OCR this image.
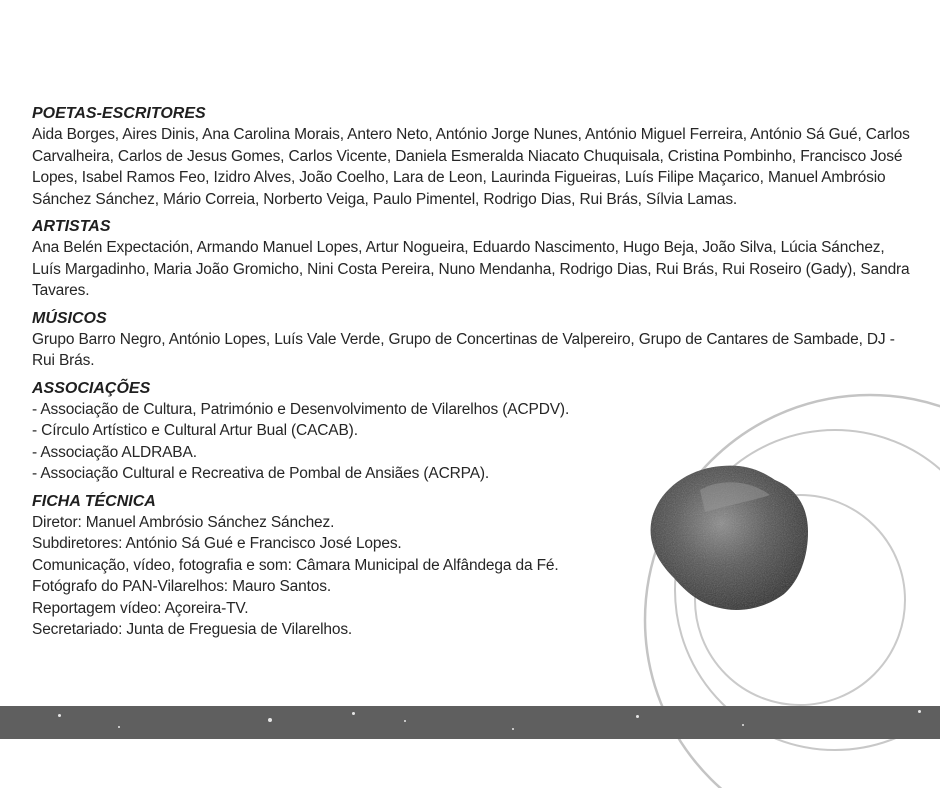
POETAS-ESCRITORES

Aida Borges, Aires Dinis, Ana Carolina Morais, Antero Neto, António Jorge Nunes, António Miguel Ferreira, António Sá Gué, Carlos Carvalheira, Carlos de Jesus Gomes, Carlos Vicente, Daniela Esmeralda Niacato Chuquisala, Cristina Pombinho, Francisco José Lopes, Isabel Ramos Feo, Izidro Alves, João Coelho, Lara de Leon, Laurinda Figueiras, Luís Filipe Maçarico, Manuel Ambrósio Sánchez Sánchez, Mário Correia, Norberto Veiga, Paulo Pimentel, Rodrigo Dias, Rui Brás, Sílvia Lamas.

ARTISTAS

Ana Belén Expectación, Armando Manuel Lopes, Artur Nogueira, Eduardo Nascimento, Hugo Beja, João Silva, Lúcia Sánchez, Luís Margadinho, Maria João Gromicho, Nini Costa Pereira, Nuno Mendanha, Rodrigo Dias, Rui Brás, Rui Roseiro (Gady), Sandra Tavares.

MÚSICOS

Grupo Barro Negro, António Lopes, Luís Vale Verde, Grupo de Concertinas de Valpereiro, Grupo de Cantares de Sambade, DJ - Rui Brás.

ASSOCIAÇÕES

- Associação de Cultura, Património e Desenvolvimento de Vilarelhos (ACPDV).
- Círculo Artístico e Cultural Artur Bual (CACAB).
- Associação ALDRABA.
- Associação Cultural e Recreativa de Pombal de Ansiães (ACRPA).

FICHA TÉCNICA

Diretor: Manuel Ambrósio Sánchez Sánchez.
Subdiretores: António Sá Gué e Francisco José Lopes.
Comunicação, vídeo, fotografia e som: Câmara Municipal de Alfândega da Fé.
Fotógrafo do PAN-Vilarelhos: Mauro Santos.
Reportagem vídeo: Açoreira-TV.
Secretariado: Junta de Freguesia de Vilarelhos.
